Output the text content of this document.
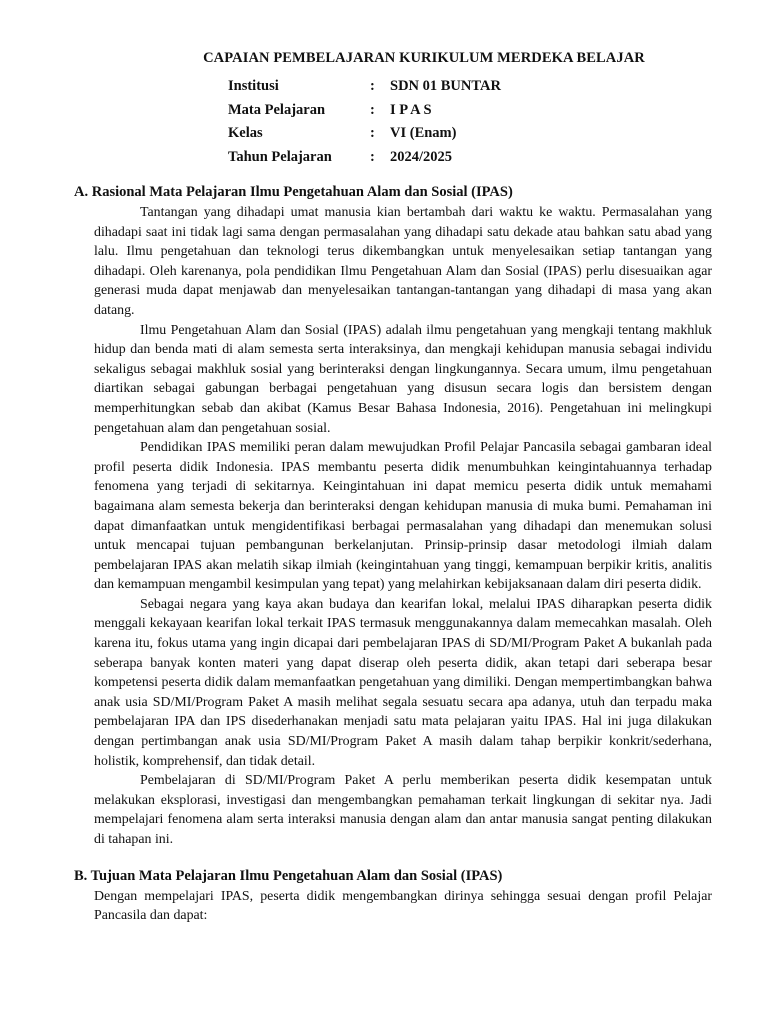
CAPAIAN PEMBELAJARAN KURIKULUM MERDEKA BELAJAR
Institusi	:	SDN 01 BUNTAR
Mata Pelajaran	:	I P A S
Kelas	:	VI (Enam)
Tahun Pelajaran	:	2024/2025
A. Rasional Mata Pelajaran Ilmu Pengetahuan Alam dan Sosial (IPAS)

Tantangan yang dihadapi umat manusia kian bertambah dari waktu ke waktu. Permasalahan yang dihadapi saat ini tidak lagi sama dengan permasalahan yang dihadapi satu dekade atau bahkan satu abad yang lalu. Ilmu pengetahuan dan teknologi terus dikembangkan untuk menyelesaikan setiap tantangan yang dihadapi. Oleh karenanya, pola pendidikan Ilmu Pengetahuan Alam dan Sosial (IPAS) perlu disesuaikan agar generasi muda dapat menjawab dan menyelesaikan tantangan-tantangan yang dihadapi di masa yang akan datang.

Ilmu Pengetahuan Alam dan Sosial (IPAS) adalah ilmu pengetahuan yang mengkaji tentang makhluk hidup dan benda mati di alam semesta serta interaksinya, dan mengkaji kehidupan manusia sebagai individu sekaligus sebagai makhluk sosial yang berinteraksi dengan lingkungannya. Secara umum, ilmu pengetahuan diartikan sebagai gabungan berbagai pengetahuan yang disusun secara logis dan bersistem dengan memperhitungkan sebab dan akibat (Kamus Besar Bahasa Indonesia, 2016). Pengetahuan ini melingkupi pengetahuan alam dan pengetahuan sosial.

Pendidikan IPAS memiliki peran dalam mewujudkan Profil Pelajar Pancasila sebagai gambaran ideal profil peserta didik Indonesia. IPAS membantu peserta didik menumbuhkan keingintahuannya terhadap fenomena yang terjadi di sekitarnya. Keingintahuan ini dapat memicu peserta didik untuk memahami bagaimana alam semesta bekerja dan berinteraksi dengan kehidupan manusia di muka bumi. Pemahaman ini dapat dimanfaatkan untuk mengidentifikasi berbagai permasalahan yang dihadapi dan menemukan solusi untuk mencapai tujuan pembangunan berkelanjutan. Prinsip-prinsip dasar metodologi ilmiah dalam pembelajaran IPAS akan melatih sikap ilmiah (keingintahuan yang tinggi, kemampuan berpikir kritis, analitis dan kemampuan mengambil kesimpulan yang tepat) yang melahirkan kebijaksanaan dalam diri peserta didik.

Sebagai negara yang kaya akan budaya dan kearifan lokal, melalui IPAS diharapkan peserta didik menggali kekayaan kearifan lokal terkait IPAS termasuk menggunakannya dalam memecahkan masalah. Oleh karena itu, fokus utama yang ingin dicapai dari pembelajaran IPAS di SD/MI/Program Paket A bukanlah pada seberapa banyak konten materi yang dapat diserap oleh peserta didik, akan tetapi dari seberapa besar kompetensi peserta didik dalam memanfaatkan pengetahuan yang dimiliki. Dengan mempertimbangkan bahwa anak usia SD/MI/Program Paket A masih melihat segala sesuatu secara apa adanya, utuh dan terpadu maka pembelajaran IPA dan IPS disederhanakan menjadi satu mata pelajaran yaitu IPAS. Hal ini juga dilakukan dengan pertimbangan anak usia SD/MI/Program Paket A masih dalam tahap berpikir konkrit/sederhana, holistik, komprehensif, dan tidak detail.

Pembelajaran di SD/MI/Program Paket A perlu memberikan peserta didik kesempatan untuk melakukan eksplorasi, investigasi dan mengembangkan pemahaman terkait lingkungan di sekitar nya. Jadi mempelajari fenomena alam serta interaksi manusia dengan alam dan antar manusia sangat penting dilakukan di tahapan ini.

B. Tujuan Mata Pelajaran Ilmu Pengetahuan Alam dan Sosial (IPAS)

Dengan mempelajari IPAS, peserta didik mengembangkan dirinya sehingga sesuai dengan profil Pelajar Pancasila dan dapat:
